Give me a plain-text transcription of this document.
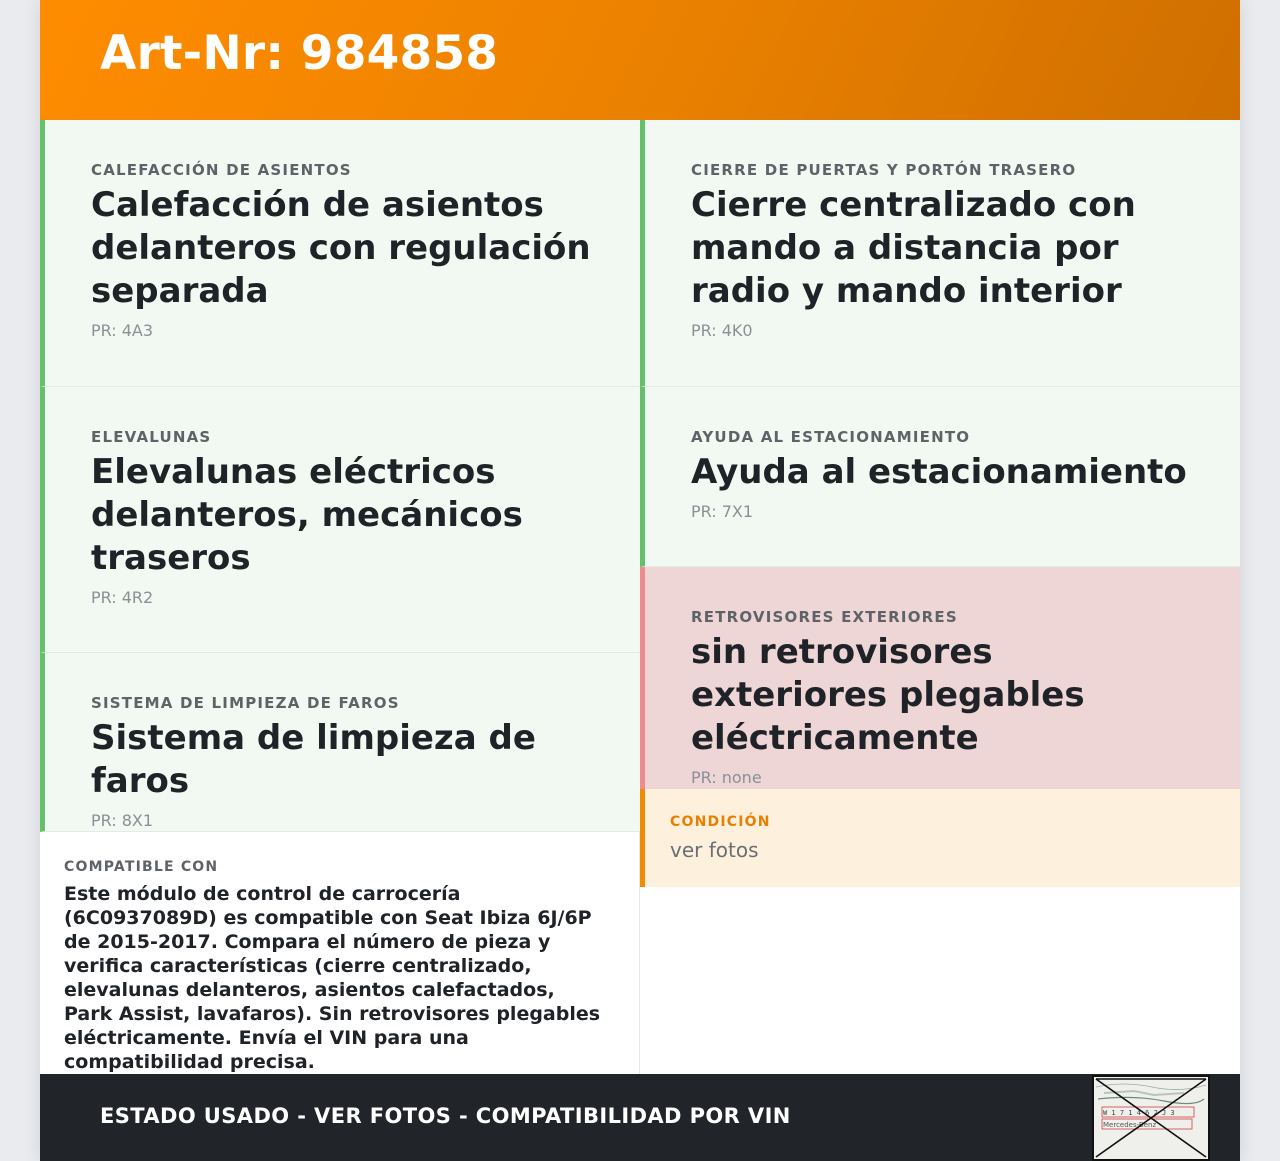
Art-Nr: 984858
CALEFACCIÓN DE ASIENTOS
Calefacción de asientos delanteros con regulación separada
PR: 4A3
ELEVALUNAS
Elevalunas eléctricos delanteros, mecánicos traseros
PR: 4R2
SISTEMA DE LIMPIEZA DE FAROS
Sistema de limpieza de faros
PR: 8X1
CIERRE DE PUERTAS Y PORTÓN TRASERO
Cierre centralizado con mando a distancia por radio y mando interior
PR: 4K0
AYUDA AL ESTACIONAMIENTO
Ayuda al estacionamiento
PR: 7X1
RETROVISORES EXTERIORES
sin retrovisores exteriores plegables eléctricamente
PR: none
COMPATIBLE CON
Este módulo de control de carrocería (6C0937089D) es compatible con Seat Ibiza 6J/6P de 2015-2017. Compara el número de pieza y verifica características (cierre centralizado, elevalunas delanteros, asientos calefactados, Park Assist, lavafaros). Sin retrovisores plegables eléctricamente. Envía el VIN para una compatibilidad precisa.
CONDICIÓN
ver fotos
ESTADO USADO - VER FOTOS - COMPATIBILIDAD POR VIN	W 1 7 1 4 6 2 J 3
Mercedes-Benz
